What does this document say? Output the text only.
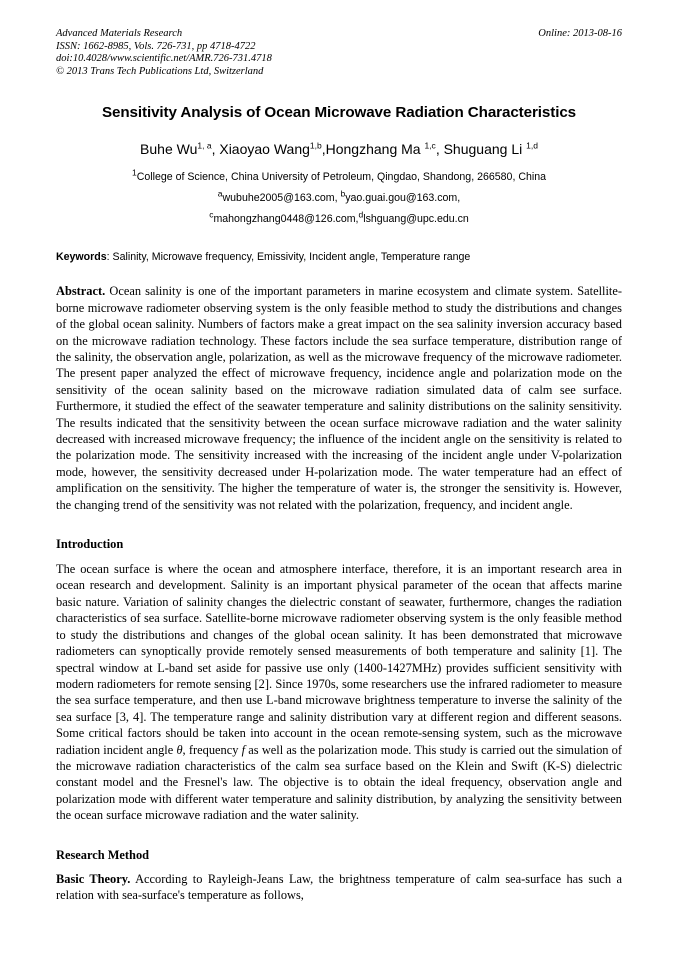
Advanced Materials Research
ISSN: 1662-8985, Vols. 726-731, pp 4718-4722
doi:10.4028/www.scientific.net/AMR.726-731.4718
© 2013 Trans Tech Publications Ltd, Switzerland
Online: 2013-08-16
Sensitivity Analysis of Ocean Microwave Radiation Characteristics
Buhe Wu$^{1, a}$, Xiaoyao Wang$^{1,b}$,Hongzhang Ma $^{1,c}$, Shuguang Li $^{1,d}$
$^1$College of Science, China University of Petroleum, Qingdao, Shandong, 266580, China
$^a$wubuhe2005@163.com, $^b$yao.guai.gou@163.com,
$^c$mahongzhang0448@126.com,$^d$lshguang@upc.edu.cn
Keywords: Salinity, Microwave frequency, Emissivity, Incident angle, Temperature range
Abstract. Ocean salinity is one of the important parameters in marine ecosystem and climate system. Satellite-borne microwave radiometer observing system is the only feasible method to study the distributions and changes of the global ocean salinity. Numbers of factors make a great impact on the sea salinity inversion accuracy based on the microwave radiation technology. These factors include the sea surface temperature, distribution range of the salinity, the observation angle, polarization, as well as the microwave frequency of the microwave radiometer. The present paper analyzed the effect of microwave frequency, incidence angle and polarization mode on the sensitivity of the ocean salinity based on the microwave radiation simulated data of calm see surface. Furthermore, it studied the effect of the seawater temperature and salinity distributions on the salinity sensitivity. The results indicated that the sensitivity between the ocean surface microwave radiation and the water salinity decreased with increased microwave frequency; the influence of the incident angle on the sensitivity is related to the polarization mode. The sensitivity increased with the increasing of the incident angle under V-polarization mode, however, the sensitivity decreased under H-polarization mode. The water temperature had an effect of amplification on the sensitivity. The higher the temperature of water is, the stronger the sensitivity is. However, the changing trend of the sensitivity was not related with the polarization, frequency, and incident angle.
Introduction
The ocean surface is where the ocean and atmosphere interface, therefore, it is an important research area in ocean research and development. Salinity is an important physical parameter of the ocean that affects marine basic nature. Variation of salinity changes the dielectric constant of seawater, furthermore, changes the radiation characteristics of sea surface. Satellite-borne microwave radiometer observing system is the only feasible method to study the distributions and changes of the global ocean salinity. It has been demonstrated that microwave radiometers can synoptically provide remotely sensed measurements of both temperature and salinity [1]. The spectral window at L-band set aside for passive use only (1400-1427MHz) provides sufficient sensitivity with modern radiometers for remote sensing [2]. Since 1970s, some researchers use the infrared radiometer to measure the sea surface temperature, and then use L-band microwave brightness temperature to inverse the salinity of the sea surface [3, 4]. The temperature range and salinity distribution vary at different region and different seasons. Some critical factors should be taken into account in the ocean remote-sensing system, such as the microwave radiation incident angle θ, frequency f as well as the polarization mode. This study is carried out the simulation of the microwave radiation characteristics of the calm sea surface based on the Klein and Swift (K-S) dielectric constant model and the Fresnel's law. The objective is to obtain the ideal frequency, observation angle and polarization mode with different water temperature and salinity distribution, by analyzing the sensitivity between the ocean surface microwave radiation and the water salinity.
Research Method
Basic Theory. According to Rayleigh-Jeans Law, the brightness temperature of calm sea-surface has such a relation with sea-surface's temperature as follows,
